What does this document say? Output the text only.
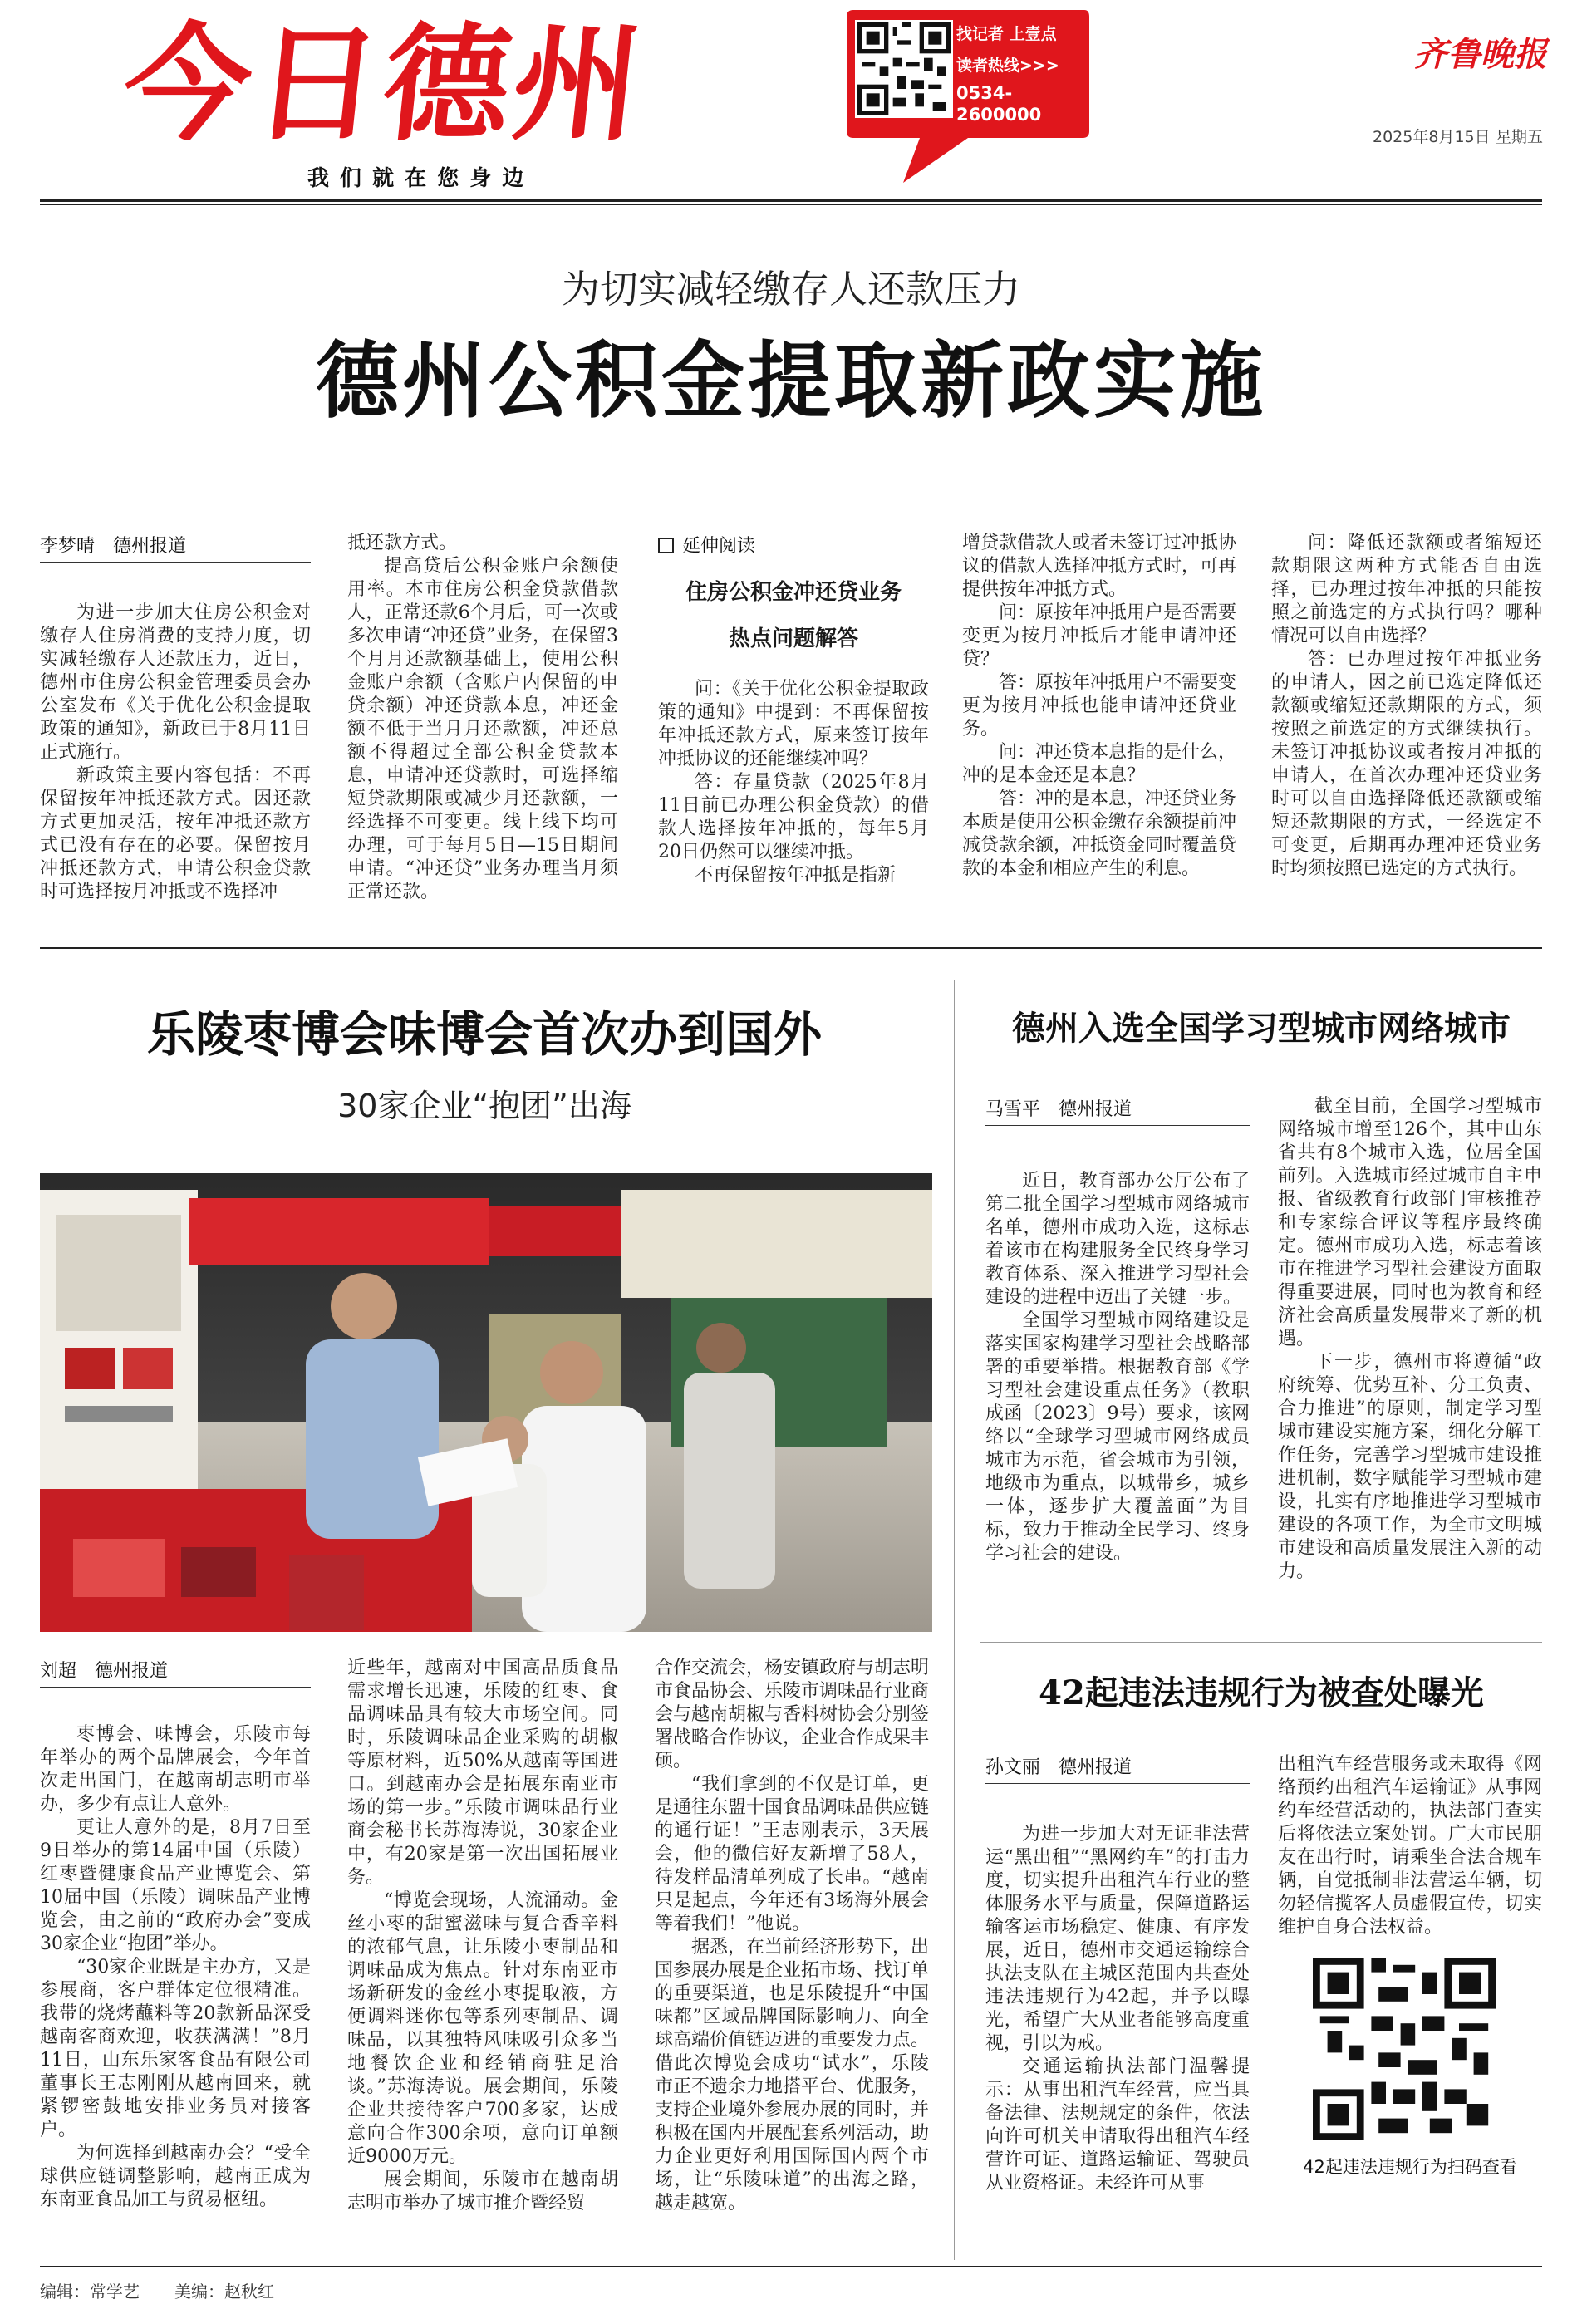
今日德州
我 们 就 在 您 身 边
找记者 上壹点
读者热线>>>
0534-
2600000
齐鲁晚报
2025年8月15日 星期五
为切实减轻缴存人还款压力
德州公积金提取新政实施
李梦晴　德州报道

为进一步加大住房公积金对缴存人住房消费的支持力度，切实减轻缴存人还款压力，近日，德州市住房公积金管理委员会办公室发布《关于优化公积金提取政策的通知》，新政已于8月11日正式施行。

新政策主要内容包括：不再保留按年冲抵还款方式。因还款方式更加灵活，按年冲抵还款方式已没有存在的必要。保留按月冲抵还款方式，申请公积金贷款时可选择按月冲抵或不选择冲

抵还款方式。

提高贷后公积金账户余额使用率。本市住房公积金贷款借款人，正常还款6个月后，可一次或多次申请“冲还贷”业务，在保留3个月月还款额基础上，使用公积金账户余额（含账户内保留的申贷余额）冲还贷款本息，冲还金额不低于当月月还款额，冲还总额不得超过全部公积金贷款本息，申请冲还贷款时，可选择缩短贷款期限或减少月还款额，一经选择不可变更。线上线下均可办理，可于每月5日—15日期间申请。“冲还贷”业务办理当月须正常还款。

延伸阅读
住房公积金冲还贷业务
热点问题解答

问：《关于优化公积金提取政策的通知》中提到：不再保留按年冲抵还款方式，原来签订按年冲抵协议的还能继续冲吗？

答：存量贷款（2025年8月11日前已办理公积金贷款）的借款人选择按年冲抵的，每年5月20日仍然可以继续冲抵。

不再保留按年冲抵是指新

增贷款借款人或者未签订过冲抵协议的借款人选择冲抵方式时，可再提供按年冲抵方式。

问：原按年冲抵用户是否需要变更为按月冲抵后才能申请冲还贷？

答：原按年冲抵用户不需要变更为按月冲抵也能申请冲还贷业务。

问：冲还贷本息指的是什么，冲的是本金还是本息？

答：冲的是本息，冲还贷业务本质是使用公积金缴存余额提前冲减贷款余额，冲抵资金同时覆盖贷款的本金和相应产生的利息。

问：降低还款额或者缩短还款期限这两种方式能否自由选择，已办理过按年冲抵的只能按照之前选定的方式执行吗？哪种情况可以自由选择？

答：已办理过按年冲抵业务的申请人，因之前已选定降低还款额或缩短还款期限的方式，须按照之前选定的方式继续执行。未签订冲抵协议或者按月冲抵的申请人，在首次办理冲还贷业务时可以自由选择降低还款额或缩短还款期限的方式，一经选定不可变更，后期再办理冲还贷业务时均须按照已选定的方式执行。

乐陵枣博会味博会首次办到国外
30家企业“抱团”出海
刘超　德州报道

枣博会、味博会，乐陵市每年举办的两个品牌展会，今年首次走出国门，在越南胡志明市举办，多少有点让人意外。

更让人意外的是，8月7日至9日举办的第14届中国（乐陵）红枣暨健康食品产业博览会、第10届中国（乐陵）调味品产业博览会，由之前的“政府办会”变成30家企业“抱团”举办。

“30家企业既是主办方，又是参展商，客户群体定位很精准。我带的烧烤蘸料等20款新品深受越南客商欢迎，收获满满！”8月11日，山东乐家客食品有限公司董事长王志刚刚从越南回来，就紧锣密鼓地安排业务员对接客户。

为何选择到越南办会？“受全球供应链调整影响，越南正成为东南亚食品加工与贸易枢纽。

近些年，越南对中国高品质食品需求增长迅速，乐陵的红枣、食品调味品具有较大市场空间。同时，乐陵调味品企业采购的胡椒等原材料，近50%从越南等国进口。到越南办会是拓展东南亚市场的第一步。”乐陵市调味品行业商会秘书长苏海涛说，30家企业中，有20家是第一次出国拓展业务。

“博览会现场，人流涌动。金丝小枣的甜蜜滋味与复合香辛料的浓郁气息，让乐陵小枣制品和调味品成为焦点。针对东南亚市场新研发的金丝小枣提取液，方便调料迷你包等系列枣制品、调味品，以其独特风味吸引众多当地餐饮企业和经销商驻足洽谈。”苏海涛说。展会期间，乐陵企业共接待客户700多家，达成意向合作300余项，意向订单额近9000万元。

展会期间，乐陵市在越南胡志明市举办了城市推介暨经贸

合作交流会，杨安镇政府与胡志明市食品协会、乐陵市调味品行业商会与越南胡椒与香料树协会分别签署战略合作协议，企业合作成果丰硕。

“我们拿到的不仅是订单，更是通往东盟十国食品调味品供应链的通行证！”王志刚表示，3天展会，他的微信好友新增了58人，待发样品清单列成了长串。“越南只是起点，今年还有3场海外展会等着我们！”他说。

据悉，在当前经济形势下，出国参展办展是企业拓市场、找订单的重要渠道，也是乐陵提升“中国味都”区域品牌国际影响力、向全球高端价值链迈进的重要发力点。借此次博览会成功“试水”，乐陵市正不遗余力地搭平台、优服务，支持企业境外参展办展的同时，并积极在国内开展配套系列活动，助力企业更好利用国际国内两个市场，让“乐陵味道”的出海之路，越走越宽。

德州入选全国学习型城市网络城市
马雪平　德州报道

近日，教育部办公厅公布了第二批全国学习型城市网络城市名单，德州市成功入选，这标志着该市在构建服务全民终身学习教育体系、深入推进学习型社会建设的进程中迈出了关键一步。

全国学习型城市网络建设是落实国家构建学习型社会战略部署的重要举措。根据教育部《学习型社会建设重点任务》（教职成函〔2023〕9号）要求，该网络以“全球学习型城市网络成员城市为示范，省会城市为引领，地级市为重点，以城带乡，城乡一体，逐步扩大覆盖面”为目标，致力于推动全民学习、终身学习社会的建设。

截至目前，全国学习型城市网络城市增至126个，其中山东省共有8个城市入选，位居全国前列。入选城市经过城市自主申报、省级教育行政部门审核推荐和专家综合评议等程序最终确定。德州市成功入选，标志着该市在推进学习型社会建设方面取得重要进展，同时也为教育和经济社会高质量发展带来了新的机遇。

下一步，德州市将遵循“政府统筹、优势互补、分工负责、合力推进”的原则，制定学习型城市建设实施方案，细化分解工作任务，完善学习型城市建设推进机制，数字赋能学习型城市建设，扎实有序地推进学习型城市建设的各项工作，为全市文明城市建设和高质量发展注入新的动力。

42起违法违规行为被查处曝光
孙文丽　德州报道

为进一步加大对无证非法营运“黑出租”“黑网约车”的打击力度，切实提升出租汽车行业的整体服务水平与质量，保障道路运输客运市场稳定、健康、有序发展，近日，德州市交通运输综合执法支队在主城区范围内共查处违法违规行为42起，并予以曝光，希望广大从业者能够高度重视，引以为戒。

交通运输执法部门温馨提示：从事出租汽车经营，应当具备法律、法规规定的条件，依法向许可机关申请取得出租汽车经营许可证、道路运输证、驾驶员从业资格证。未经许可从事

出租汽车经营服务或未取得《网络预约出租汽车运输证》从事网约车经营活动的，执法部门查实后将依法立案处罚。广大市民朋友在出行时，请乘坐合法合规车辆，自觉抵制非法营运车辆，切勿轻信揽客人员虚假宣传，切实维护自身合法权益。

42起违法违规行为扫码查看
编辑：常学艺 美编：赵秋红
